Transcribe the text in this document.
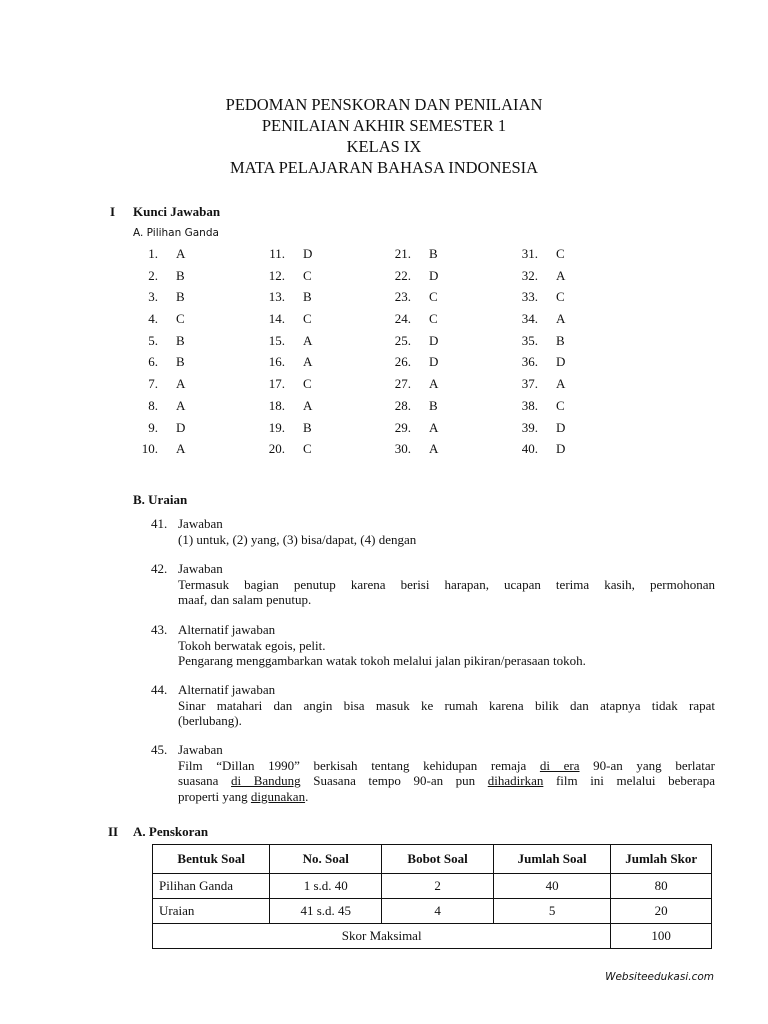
PEDOMAN PENSKORAN DAN PENILAIAN
PENILAIAN AKHIR SEMESTER 1
KELAS IX
MATA PELAJARAN BAHASA INDONESIA
I Kunci Jawaban
A. Pilihan Ganda
1. A
2. B
3. B
4. C
5. B
6. B
7. A
8. A
9. D
10. A
11. D
12. C
13. B
14. C
15. A
16. A
17. C
18. A
19. B
20. C
21. B
22. D
23. C
24. C
25. D
26. D
27. A
28. B
29. A
30. A
31. C
32. A
33. C
34. A
35. B
36. D
37. A
38. C
39. D
40. D
B. Uraian
41. Jawaban
(1) untuk, (2) yang, (3) bisa/dapat, (4) dengan
42. Jawaban
Termasuk bagian penutup karena berisi harapan, ucapan terima kasih, permohonan
maaf, dan salam penutup.
43. Alternatif jawaban
Tokoh berwatak egois, pelit.
Pengarang menggambarkan watak tokoh melalui jalan pikiran/perasaan tokoh.
44. Alternatif jawaban
Sinar matahari dan angin bisa masuk ke rumah karena bilik dan atapnya tidak rapat
(berlubang).
45. Jawaban
Film “Dillan 1990” berkisah tentang kehidupan remaja di era 90-an yang berlatar
suasana di Bandung Suasana tempo 90-an pun dihadirkan film ini melalui beberapa
properti yang digunakan.
II A. Penskoran
Bentuk Soal	No. Soal	Bobot Soal	Jumlah Soal	Jumlah Skor
Pilihan Ganda	1 s.d. 40	2	40	80
Uraian	41 s.d. 45	4	5	20
Skor Maksimal				100
Websiteedukasi.com
